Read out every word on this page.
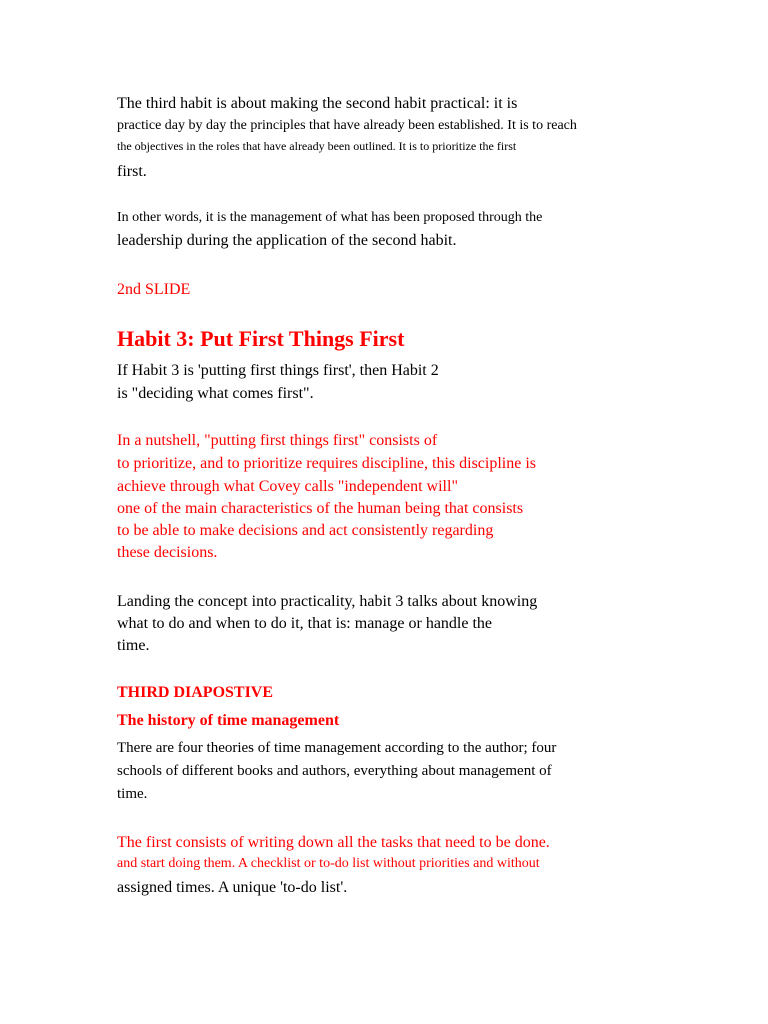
The third habit is about making the second habit practical: it is
practice day by day the principles that have already been established. It is to reach
the objectives in the roles that have already been outlined. It is to prioritize the first
first.
In other words, it is the management of what has been proposed through the
leadership during the application of the second habit.
2nd SLIDE
Habit 3: Put First Things First
If Habit 3 is 'putting first things first', then Habit 2
is "deciding what comes first".
In a nutshell, "putting first things first" consists of
to prioritize, and to prioritize requires discipline, this discipline is
achieve through what Covey calls "independent will"
one of the main characteristics of the human being that consists
to be able to make decisions and act consistently regarding
these decisions.
Landing the concept into practicality, habit 3 talks about knowing
what to do and when to do it, that is: manage or handle the
time.
THIRD DIAPOSTIVE
The history of time management
There are four theories of time management according to the author; four
schools of different books and authors, everything about management of
time.
The first consists of writing down all the tasks that need to be done.
and start doing them. A checklist or to-do list without priorities and without
assigned times. A unique 'to-do list'.
